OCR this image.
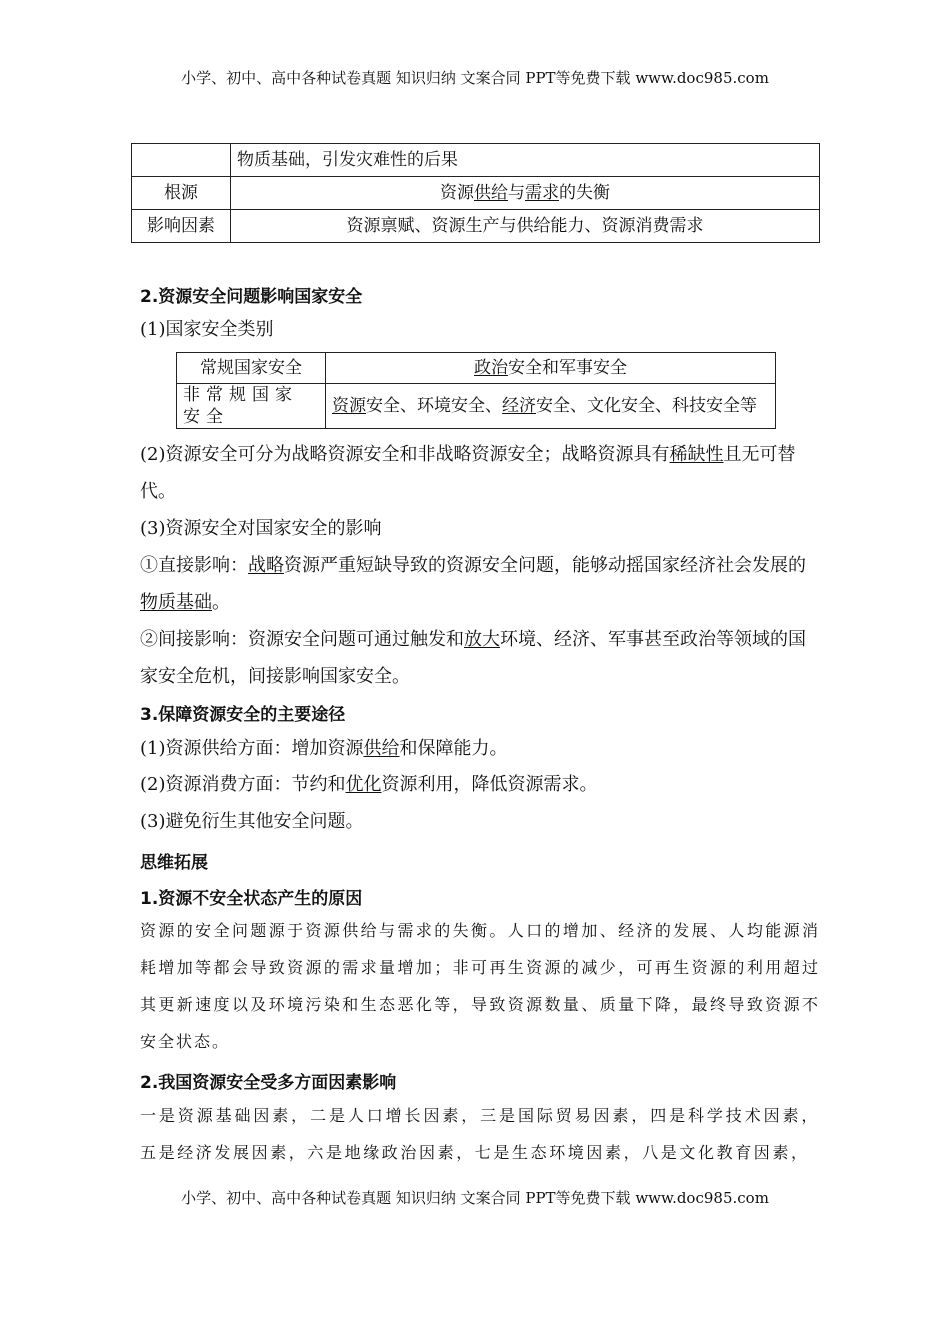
小学、初中、高中各种试卷真题 知识归纳 文案合同 PPT等免费下载 www.doc985.com
	物质基础，引发灾难性的后果
根源	资源供给与需求的失衡
影响因素	资源禀赋、资源生产与供给能力、资源消费需求
2.资源安全问题影响国家安全
(1)国家安全类别
常规国家安全	政治安全和军事安全
非常规国家安全	资源安全、环境安全、经济安全、文化安全、科技安全等
(2)资源安全可分为战略资源安全和非战略资源安全；战略资源具有稀缺性且无可替代。
(3)资源安全对国家安全的影响
①直接影响：战略资源严重短缺导致的资源安全问题，能够动摇国家经济社会发展的物质基础。
②间接影响：资源安全问题可通过触发和放大环境、经济、军事甚至政治等领域的国家安全危机，间接影响国家安全。
3.保障资源安全的主要途径
(1)资源供给方面：增加资源供给和保障能力。
(2)资源消费方面：节约和优化资源利用，降低资源需求。
(3)避免衍生其他安全问题。
思维拓展
1.资源不安全状态产生的原因
资源的安全问题源于资源供给与需求的失衡。人口的增加、经济的发展、人均能源消耗增加等都会导致资源的需求量增加；非可再生资源的减少，可再生资源的利用超过其更新速度以及环境污染和生态恶化等，导致资源数量、质量下降，最终导致资源不安全状态。
2.我国资源安全受多方面因素影响
一是资源基础因素，二是人口增长因素，三是国际贸易因素，四是科学技术因素，五是经济发展因素，六是地缘政治因素，七是生态环境因素，八是文化教育因素，
小学、初中、高中各种试卷真题 知识归纳 文案合同 PPT等免费下载 www.doc985.com
